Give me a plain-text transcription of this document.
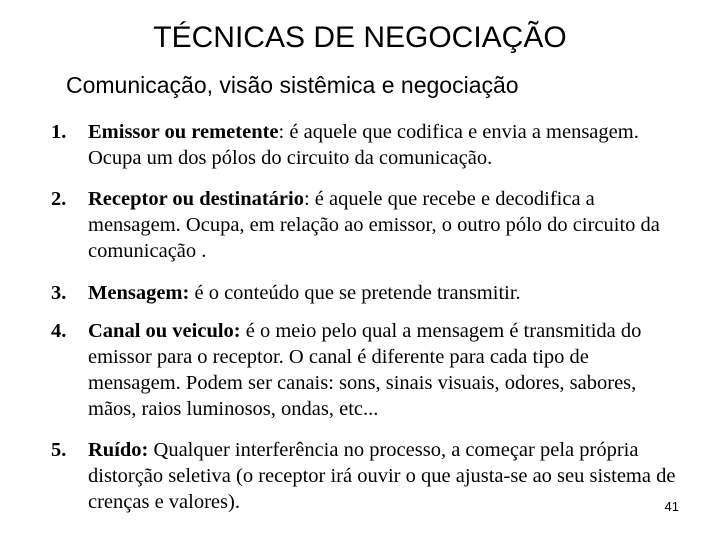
TÉCNICAS DE NEGOCIAÇÃO
Comunicação, visão sistêmica e negociação
1. Emissor ou remetente: é aquele que codifica e envia a mensagem. Ocupa um dos pólos do circuito da comunicação.
2. Receptor ou destinatário: é aquele que recebe e decodifica a mensagem. Ocupa, em relação ao emissor, o outro pólo do circuito da comunicação .
3. Mensagem: é o conteúdo que se pretende transmitir.
4. Canal ou veiculo: é o meio pelo qual a mensagem é transmitida do emissor para o receptor. O canal é diferente para cada tipo de mensagem. Podem ser canais: sons, sinais visuais, odores, sabores, mãos, raios luminosos, ondas, etc...
5. Ruído: Qualquer interferência no processo, a começar pela própria distorção seletiva (o receptor irá ouvir o que ajusta-se ao seu sistema de crenças e valores).	41
